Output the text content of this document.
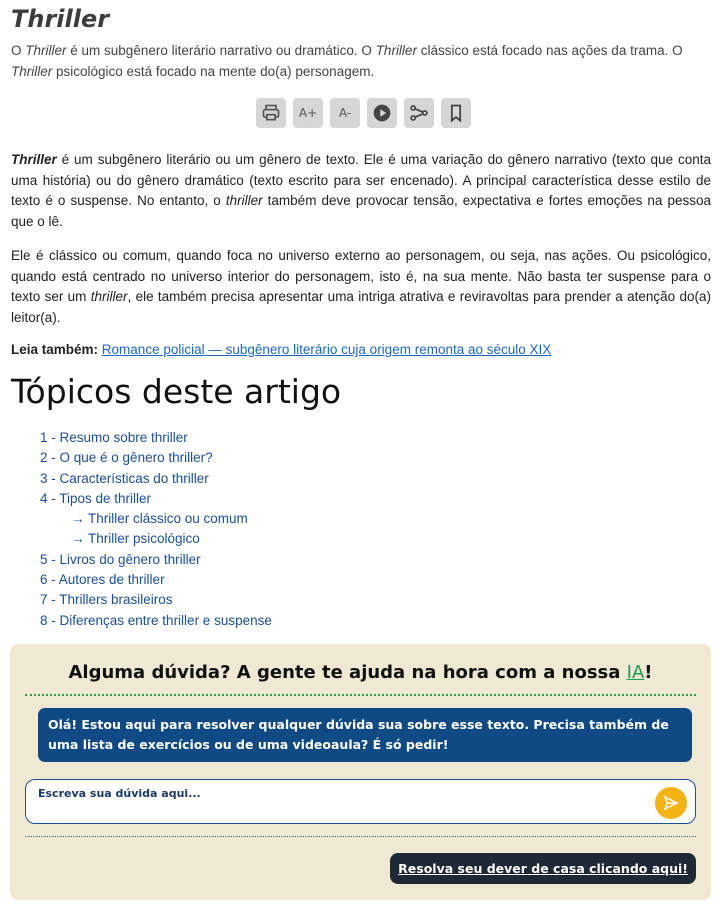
Thriller
O Thriller é um subgênero literário narrativo ou dramático. O Thriller clássico está focado nas ações da trama. O
Thriller psicológico está focado na mente do(a) personagem.
A+	A-
Thriller é um subgênero literário ou um gênero de texto. Ele é uma variação do gênero narrativo (texto que conta uma história) ou do gênero dramático (texto escrito para ser encenado). A principal característica desse estilo de texto é o suspense. No entanto, o thriller também deve provocar tensão, expectativa e fortes emoções na pessoa que o lê.
Ele é clássico ou comum, quando foca no universo externo ao personagem, ou seja, nas ações. Ou psicológico, quando está centrado no universo interior do personagem, isto é, na sua mente. Não basta ter suspense para o texto ser um thriller, ele também precisa apresentar uma intriga atrativa e reviravoltas para prender a atenção do(a) leitor(a).
Leia também: Romance policial — subgênero literário cuja origem remonta ao século XIX
Tópicos deste artigo
1 - Resumo sobre thriller
2 - O que é o gênero thriller?
3 - Características do thriller
4 - Tipos de thriller
→ Thriller clássico ou comum
→ Thriller psicológico
5 - Livros do gênero thriller
6 - Autores de thriller
7 - Thrillers brasileiros
8 - Diferenças entre thriller e suspense
Alguma dúvida? A gente te ajuda na hora com a nossa IA!
Olá! Estou aqui para resolver qualquer dúvida sua sobre esse texto. Precisa também de uma lista de exercícios ou de uma videoaula? É só pedir!
Escreva sua dúvida aqui...
Resolva seu dever de casa clicando aqui!
